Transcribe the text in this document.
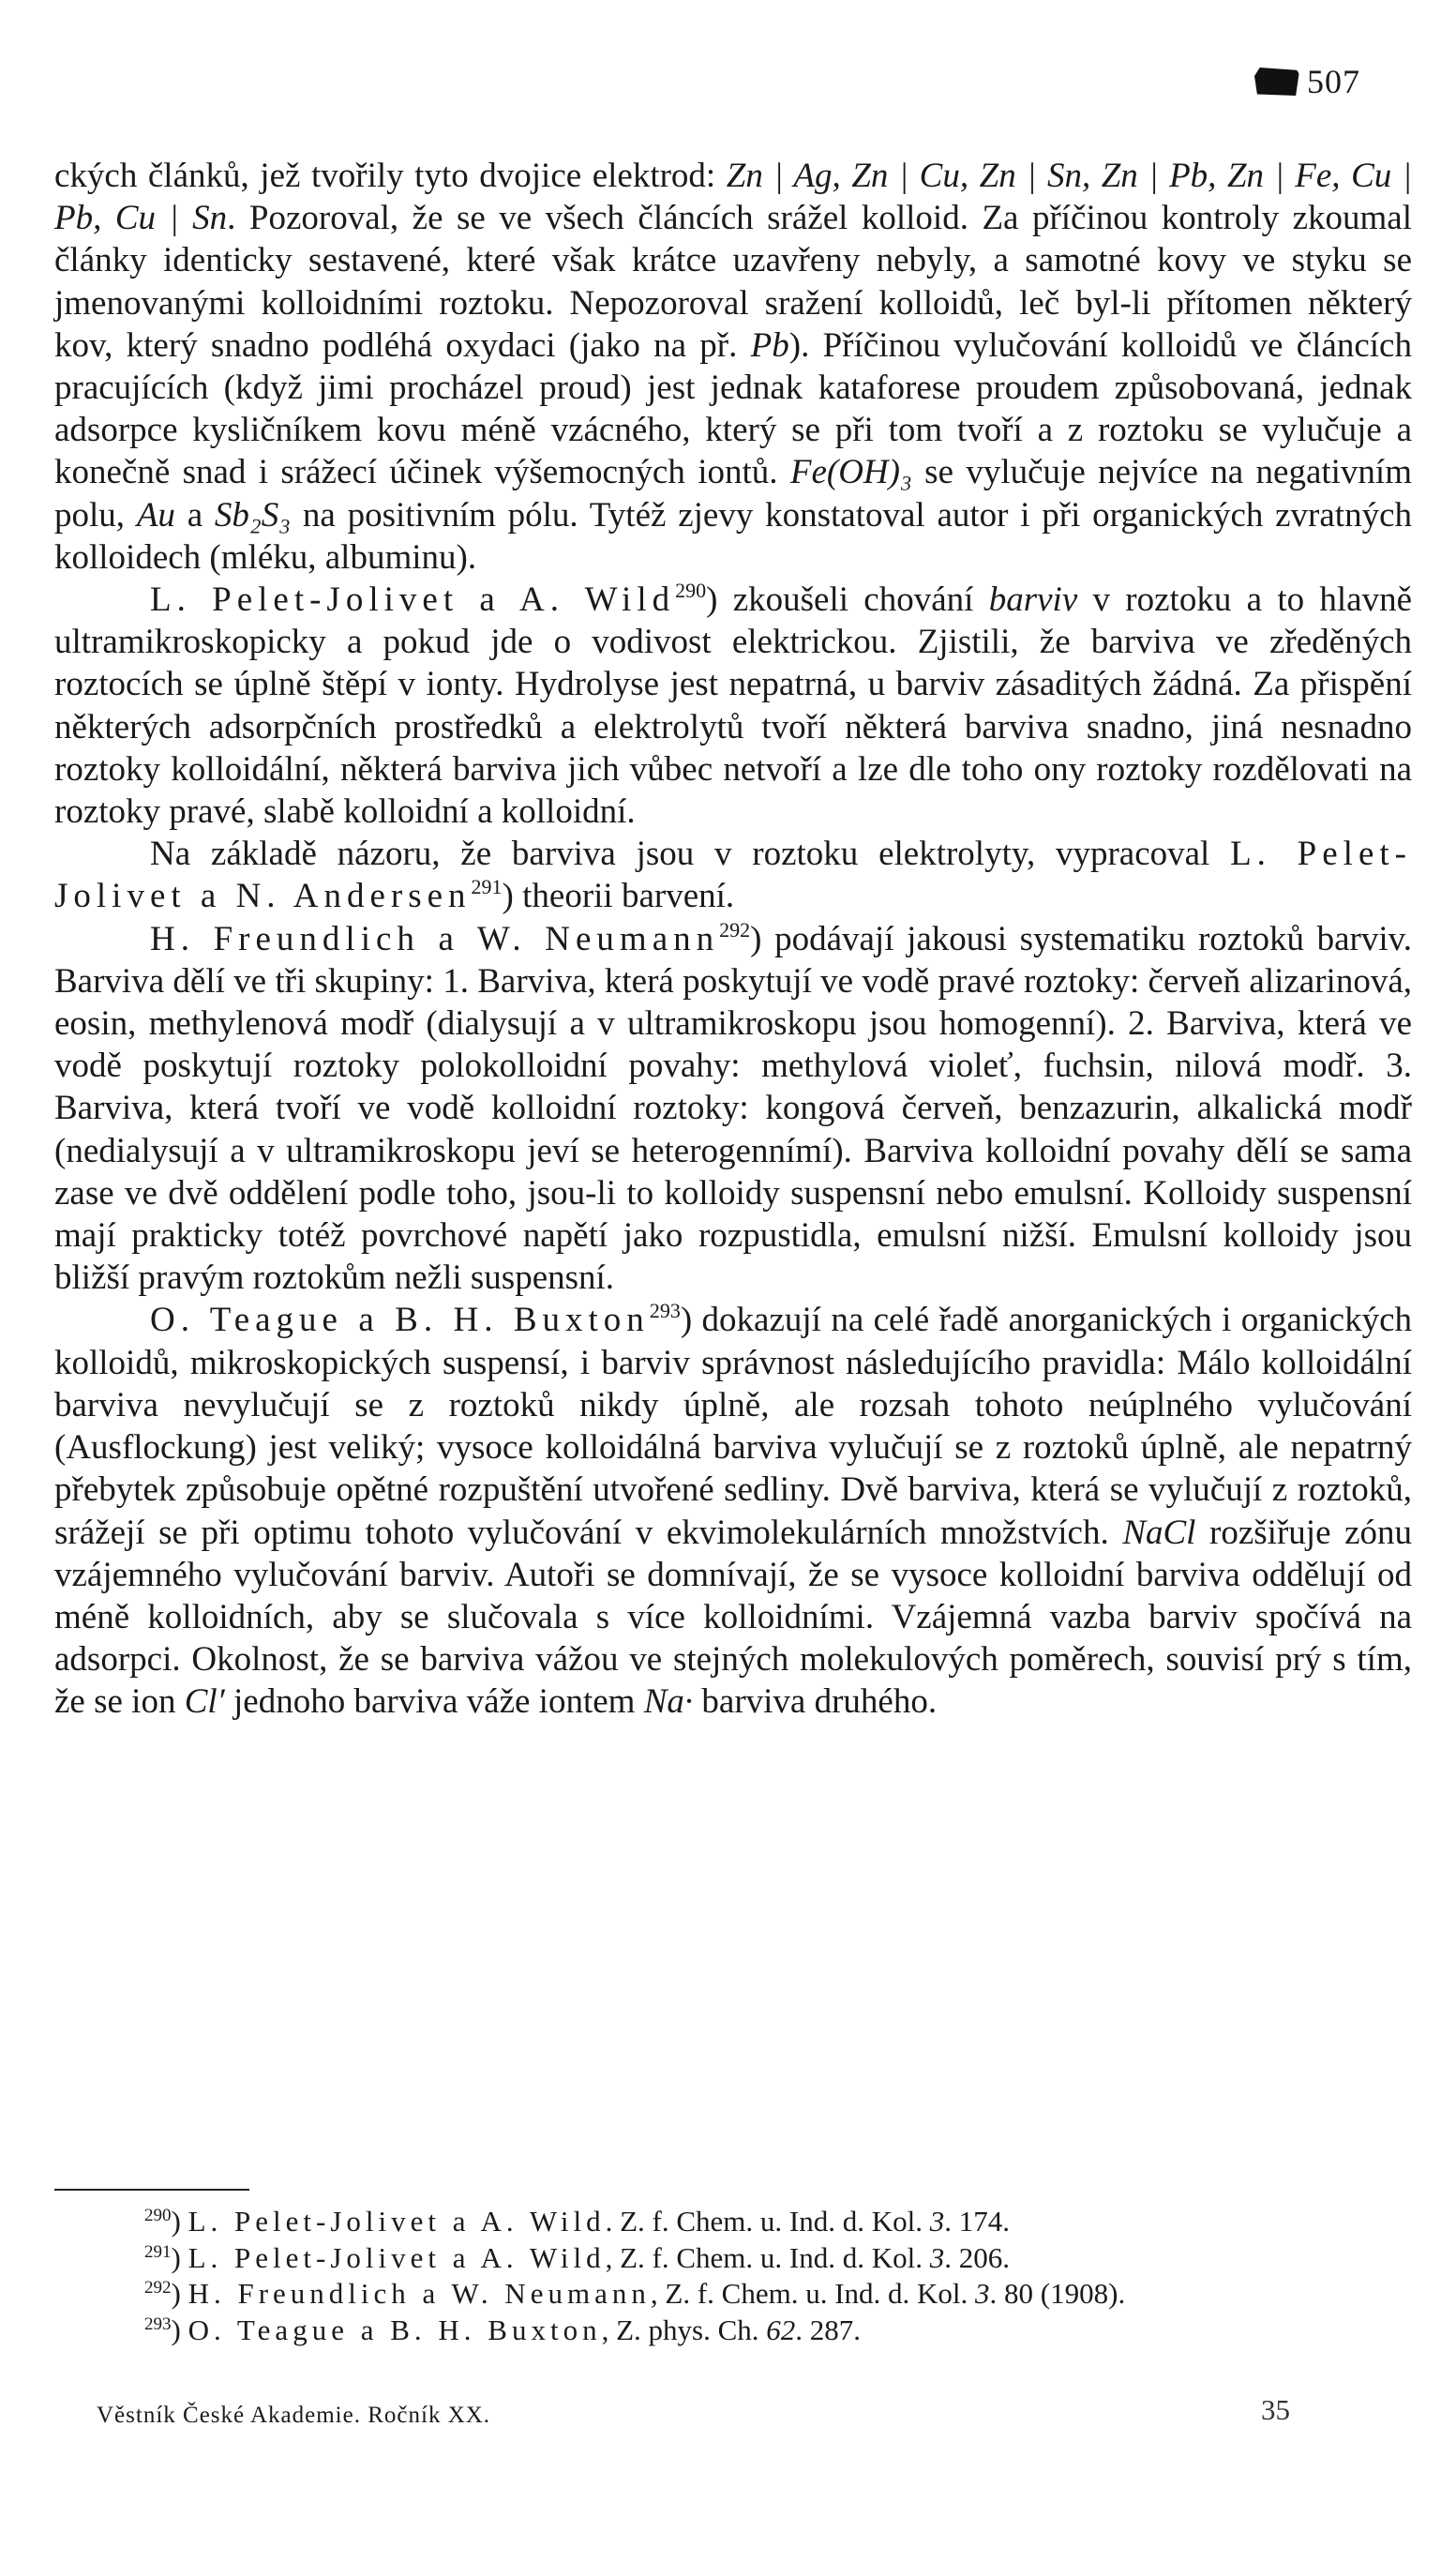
507

ckých článků, jež tvořily tyto dvojice elektrod: Zn | Ag, Zn | Cu, Zn | Sn, Zn | Pb, Zn | Fe, Cu | Pb, Cu | Sn. Pozoroval, že se ve všech článcích srážel kolloid. Za příčinou kontroly zkoumal články identicky sestavené, které však krátce uzavřeny nebyly, a samotné kovy ve styku se jmenovanými kolloidními roztoku. Nepozoroval sražení kolloidů, leč byl-li přítomen některý kov, který snadno podléhá oxydaci (jako na př. Pb). Příčinou vylučování kolloidů ve článcích pracujících (když jimi procházel proud) jest jednak kataforese proudem způsobovaná, jednak adsorpce kysličníkem kovu méně vzácného, který se při tom tvoří a z roztoku se vylučuje a konečně snad i srážecí účinek výšemocných iontů. Fe(OH)₃ se vylučuje nejvíce na negativním polu, Au a Sb₂S₃ na positivním pólu. Tytéž zjevy konstatoval autor i při organických zvratných kolloidech (mléku, albuminu).

L. Pelet-Jolivet a A. Wild$^{290}$) zkoušeli chování barviv v roztoku a to hlavně ultramikroskopicky a pokud jde o vodivost elektrickou. Zjistili, že barviva ve zředěných roztocích se úplně štěpí v ionty. Hydrolyse jest nepatrná, u barviv zásaditých žádná. Za přispění některých adsorpčních prostředků a elektrolytů tvoří některá barviva snadno, jiná nesnadno roztoky kolloidální, některá barviva jich vůbec netvoří a lze dle toho ony roztoky rozdělovati na roztoky pravé, slabě kolloidní a kolloidní.

Na základě názoru, že barviva jsou v roztoku elektrolyty, vypracoval L. Pelet-Jolivet a N. Andersen$^{291}$) theorii barvení.

H. Freundlich a W. Neumann$^{292}$) podávají jakousi systematiku roztoků barviv. Barviva dělí ve tři skupiny: 1. Barviva, která poskytují ve vodě pravé roztoky: červeň alizarinová, eosin, methylenová modř (dialysují a v ultramikroskopu jsou homogenní). 2. Barviva, která ve vodě poskytují roztoky polokolloidní povahy: methylová violeť, fuchsin, nilová modř. 3. Barviva, která tvoří ve vodě kolloidní roztoky: kongová červeň, benzazurin, alkalická modř (nedialysují a v ultramikroskopu jeví se heterogennímí). Barviva kolloidní povahy dělí se sama zase ve dvě oddělení podle toho, jsou-li to kolloidy suspensní nebo emulsní. Kolloidy suspensní mají prakticky totéž povrchové napětí jako rozpustidla, emulsní nižší. Emulsní kolloidy jsou bližší pravým roztokům nežli suspensní.

O. Teague a B. H. Buxton$^{293}$) dokazují na celé řadě anorganických i organických kolloidů, mikroskopických suspensí, i barviv správnost následujícího pravidla: Málo kolloidální barviva nevylučují se z roztoků nikdy úplně, ale rozsah tohoto neúplného vylučování (Ausflockung) jest veliký; vysoce kolloidálná barviva vylučují se z roztoků úplně, ale nepatrný přebytek způsobuje opětné rozpuštění utvořené sedliny. Dvě barviva, která se vylučují z roztoků, srážejí se při optimu tohoto vylučování v ekvimolekulárních množstvích. NaCl rozšiřuje zónu vzájemného vylučování barviv. Autoři se domnívají, že se vysoce kolloidní barviva oddělují od méně kolloidních, aby se slučovala s více kolloidními. Vzájemná vazba barviv spočívá na adsorpci. Okolnost, že se barviva vážou ve stejných molekulových poměrech, souvisí prý s tím, že se ion Cl′ jednoho barviva váže iontem Na· barviva druhého.

$^{290}$) L. Pelet-Jolivet a A. Wild. Z. f. Chem. u. Ind. d. Kol. 3. 174.

$^{291}$) L. Pelet-Jolivet a A. Wild, Z. f. Chem. u. Ind. d. Kol. 3. 206.

$^{292}$) H. Freundlich a W. Neumann, Z. f. Chem. u. Ind. d. Kol. 3. 80 (1908).

$^{293}$) O. Teague a B. H. Buxton, Z. phys. Ch. 62. 287.

Věstník České Akademie. Ročník XX.	35
